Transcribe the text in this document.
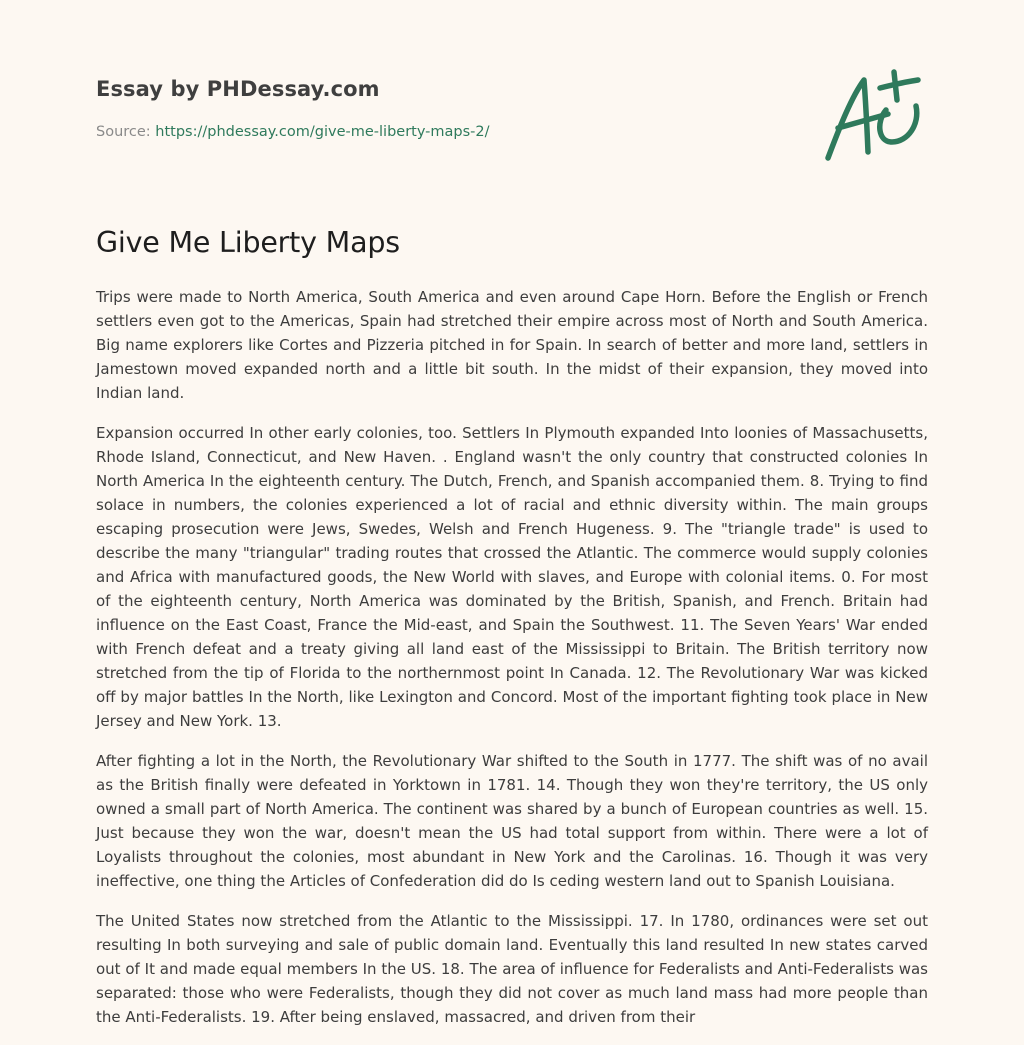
Essay by PHDessay.com
Source: https://phdessay.com/give-me-liberty-maps-2/
Give Me Liberty Maps

Trips were made to North America, South America and even around Cape Horn. Before the English or French settlers even got to the Americas, Spain had stretched their empire across most of North and South America. Big name explorers like Cortes and Pizzeria pitched in for Spain. In search of better and more land, settlers in Jamestown moved expanded north and a little bit south. In the midst of their expansion, they moved into Indian land.

Expansion occurred In other early colonies, too. Settlers In Plymouth expanded Into loonies of Massachusetts, Rhode Island, Connecticut, and New Haven. . England wasn't the only country that constructed colonies In North America In the eighteenth century. The Dutch, French, and Spanish accompanied them. 8. Trying to find solace in numbers, the colonies experienced a lot of racial and ethnic diversity within. The main groups escaping prosecution were Jews, Swedes, Welsh and French Hugeness. 9. The "triangle trade" is used to describe the many "triangular" trading routes that crossed the Atlantic. The commerce would supply colonies and Africa with manufactured goods, the New World with slaves, and Europe with colonial items. 0. For most of the eighteenth century, North America was dominated by the British, Spanish, and French. Britain had influence on the East Coast, France the Mid-east, and Spain the Southwest. 11. The Seven Years' War ended with French defeat and a treaty giving all land east of the Mississippi to Britain. The British territory now stretched from the tip of Florida to the northernmost point In Canada. 12. The Revolutionary War was kicked off by major battles In the North, like Lexington and Concord. Most of the important fighting took place in New Jersey and New York. 13.

After fighting a lot in the North, the Revolutionary War shifted to the South in 1777. The shift was of no avail as the British finally were defeated in Yorktown in 1781. 14. Though they won they're territory, the US only owned a small part of North America. The continent was shared by a bunch of European countries as well. 15. Just because they won the war, doesn't mean the US had total support from within. There were a lot of Loyalists throughout the colonies, most abundant in New York and the Carolinas. 16. Though it was very ineffective, one thing the Articles of Confederation did do Is ceding western land out to Spanish Louisiana.

The United States now stretched from the Atlantic to the Mississippi. 17. In 1780, ordinances were set out resulting In both surveying and sale of public domain land. Eventually this land resulted In new states carved out of It and made equal members In the US. 18. The area of influence for Federalists and Anti-Federalists was separated: those who were Federalists, though they did not cover as much land mass had more people than the Anti-Federalists. 19. After being enslaved, massacred, and driven from their
